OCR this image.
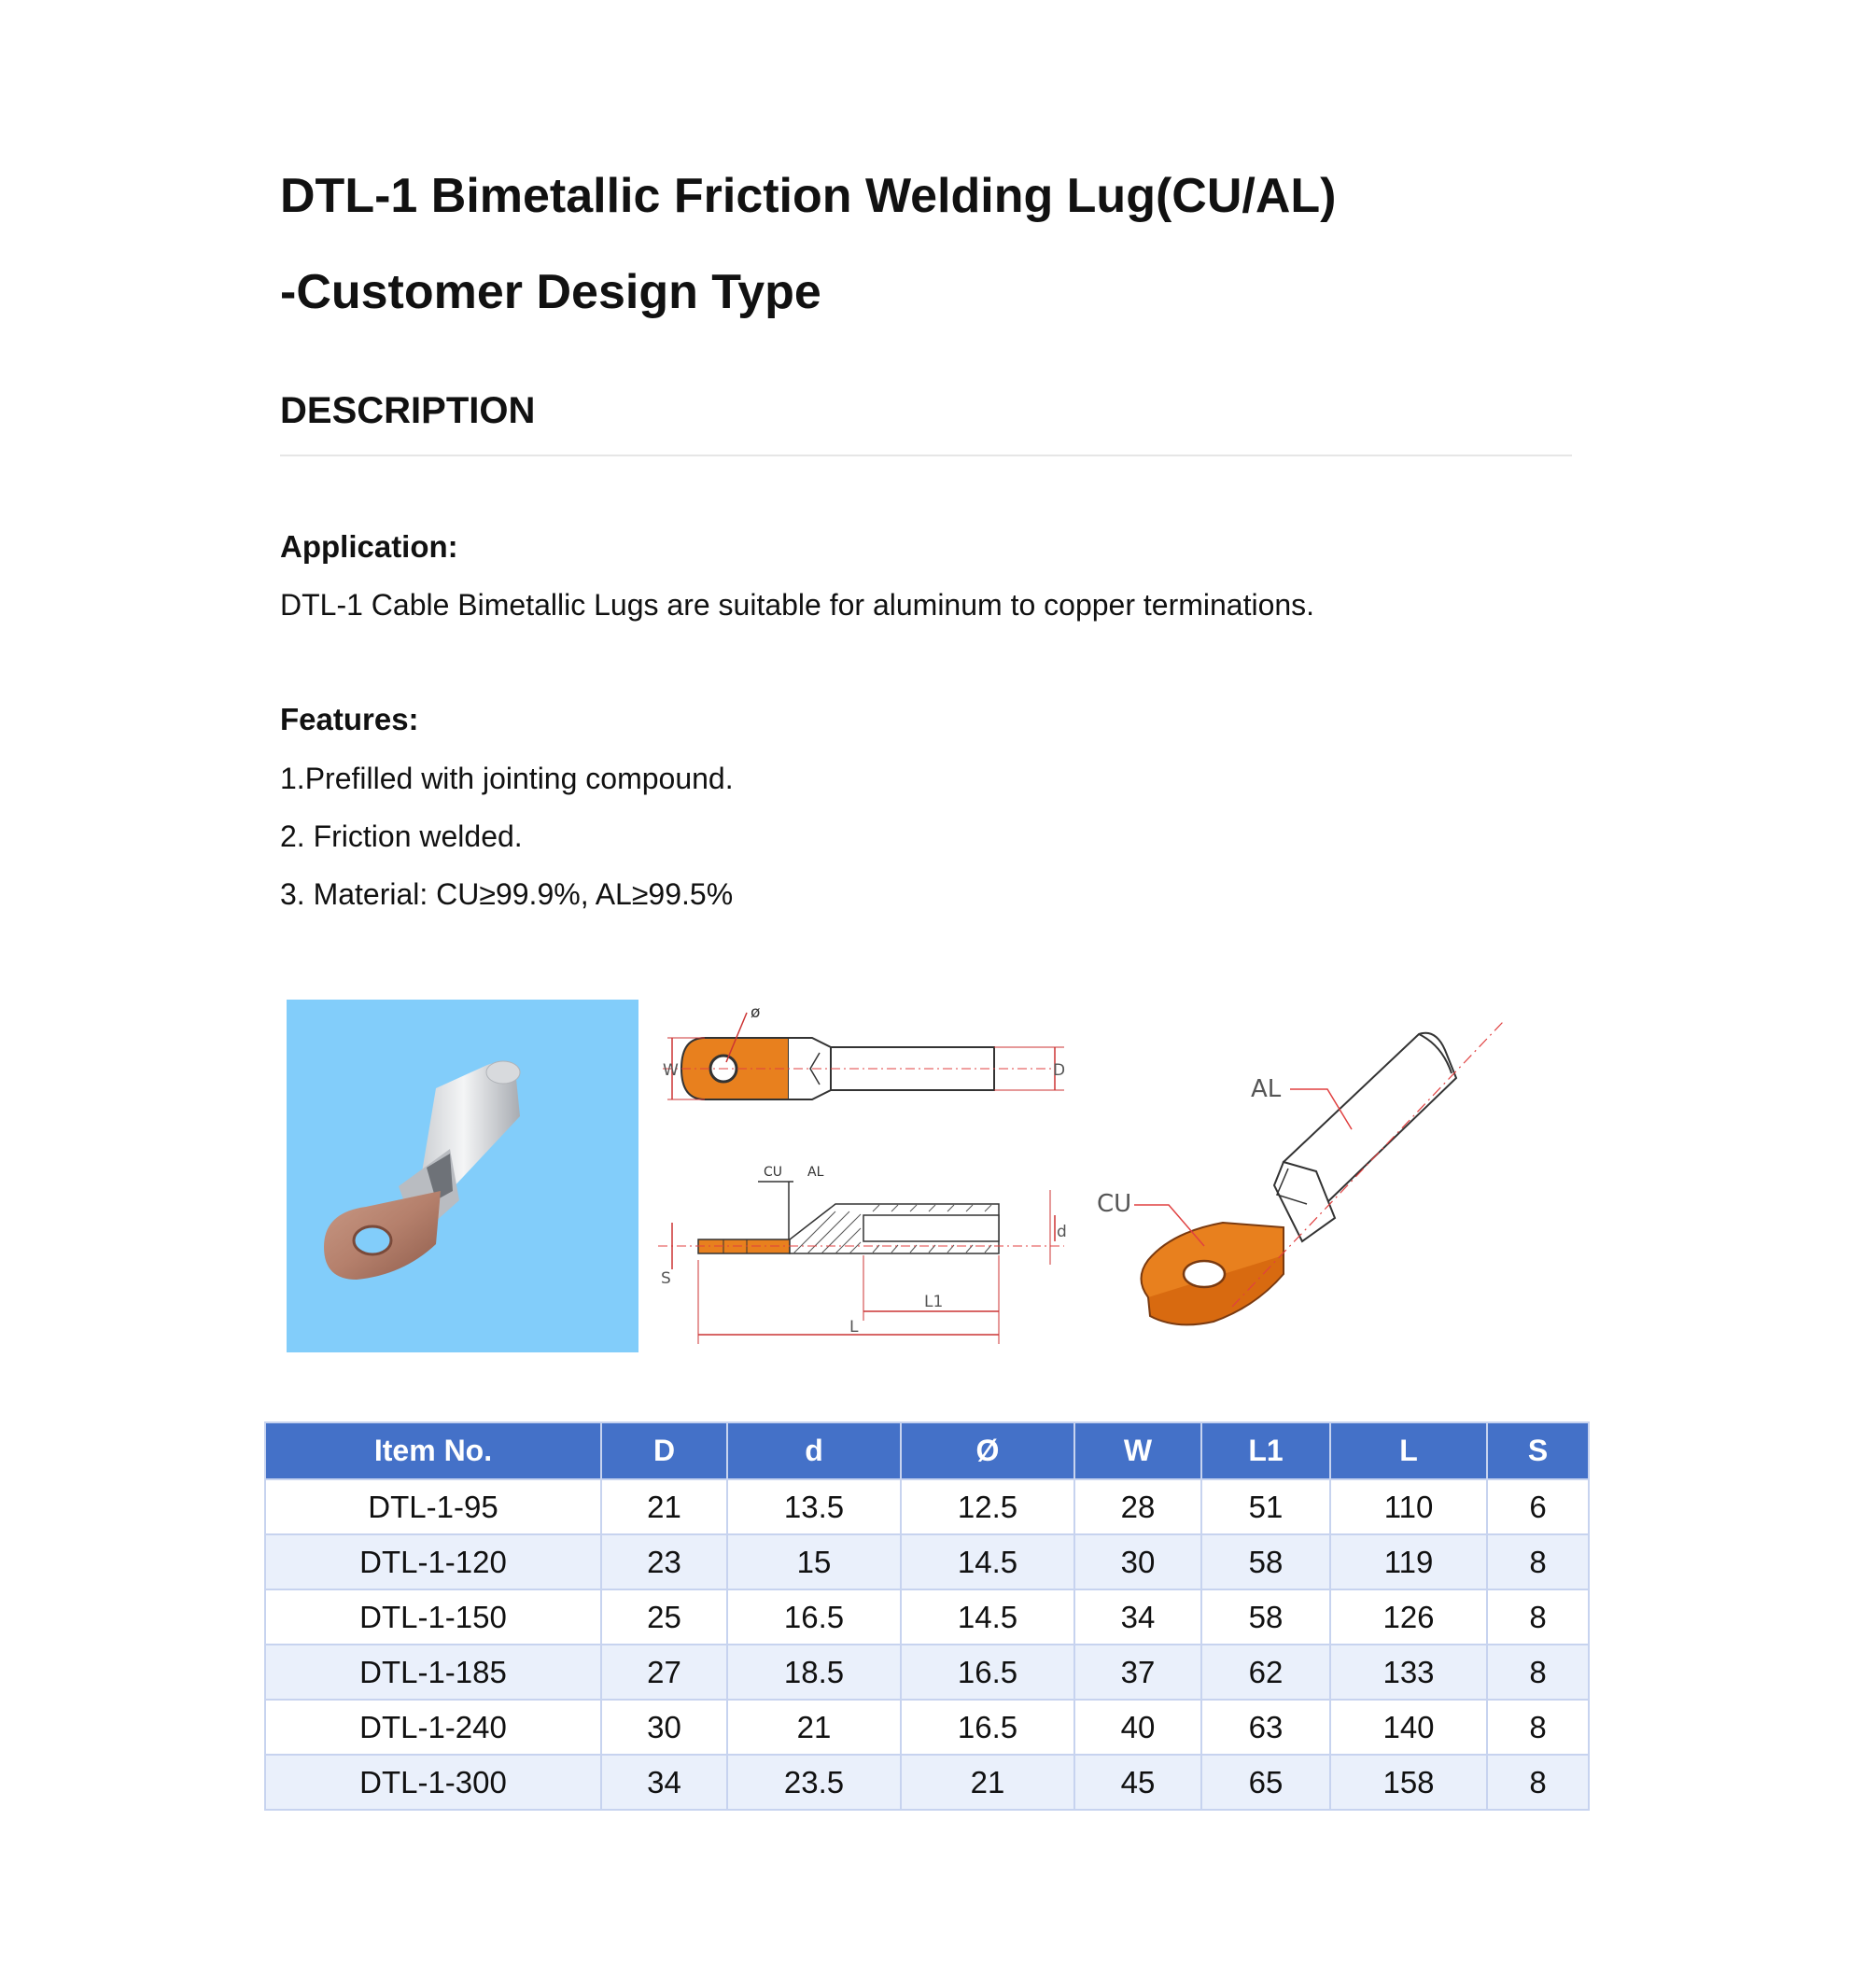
DTL-1 Bimetallic Friction Welding Lug(CU/AL)
-Customer Design Type
DESCRIPTION

Application:

DTL-1 Cable Bimetallic Lugs are suitable for aluminum to copper terminations.

Features:

1.Prefilled with jointing compound.

2. Friction welded.

3. Material: CU≥99.9%, AL≥99.5%

ø
W	D
CU AL
S
d
L1
L
AL
CU
Item No.	D	d	Ø	W	L1	L	S
DTL-1-95	21	13.5	12.5	28	51	110	6
DTL-1-120	23	15	14.5	30	58	119	8
DTL-1-150	25	16.5	14.5	34	58	126	8
DTL-1-185	27	18.5	16.5	37	62	133	8
DTL-1-240	30	21	16.5	40	63	140	8
DTL-1-300	34	23.5	21	45	65	158	8
